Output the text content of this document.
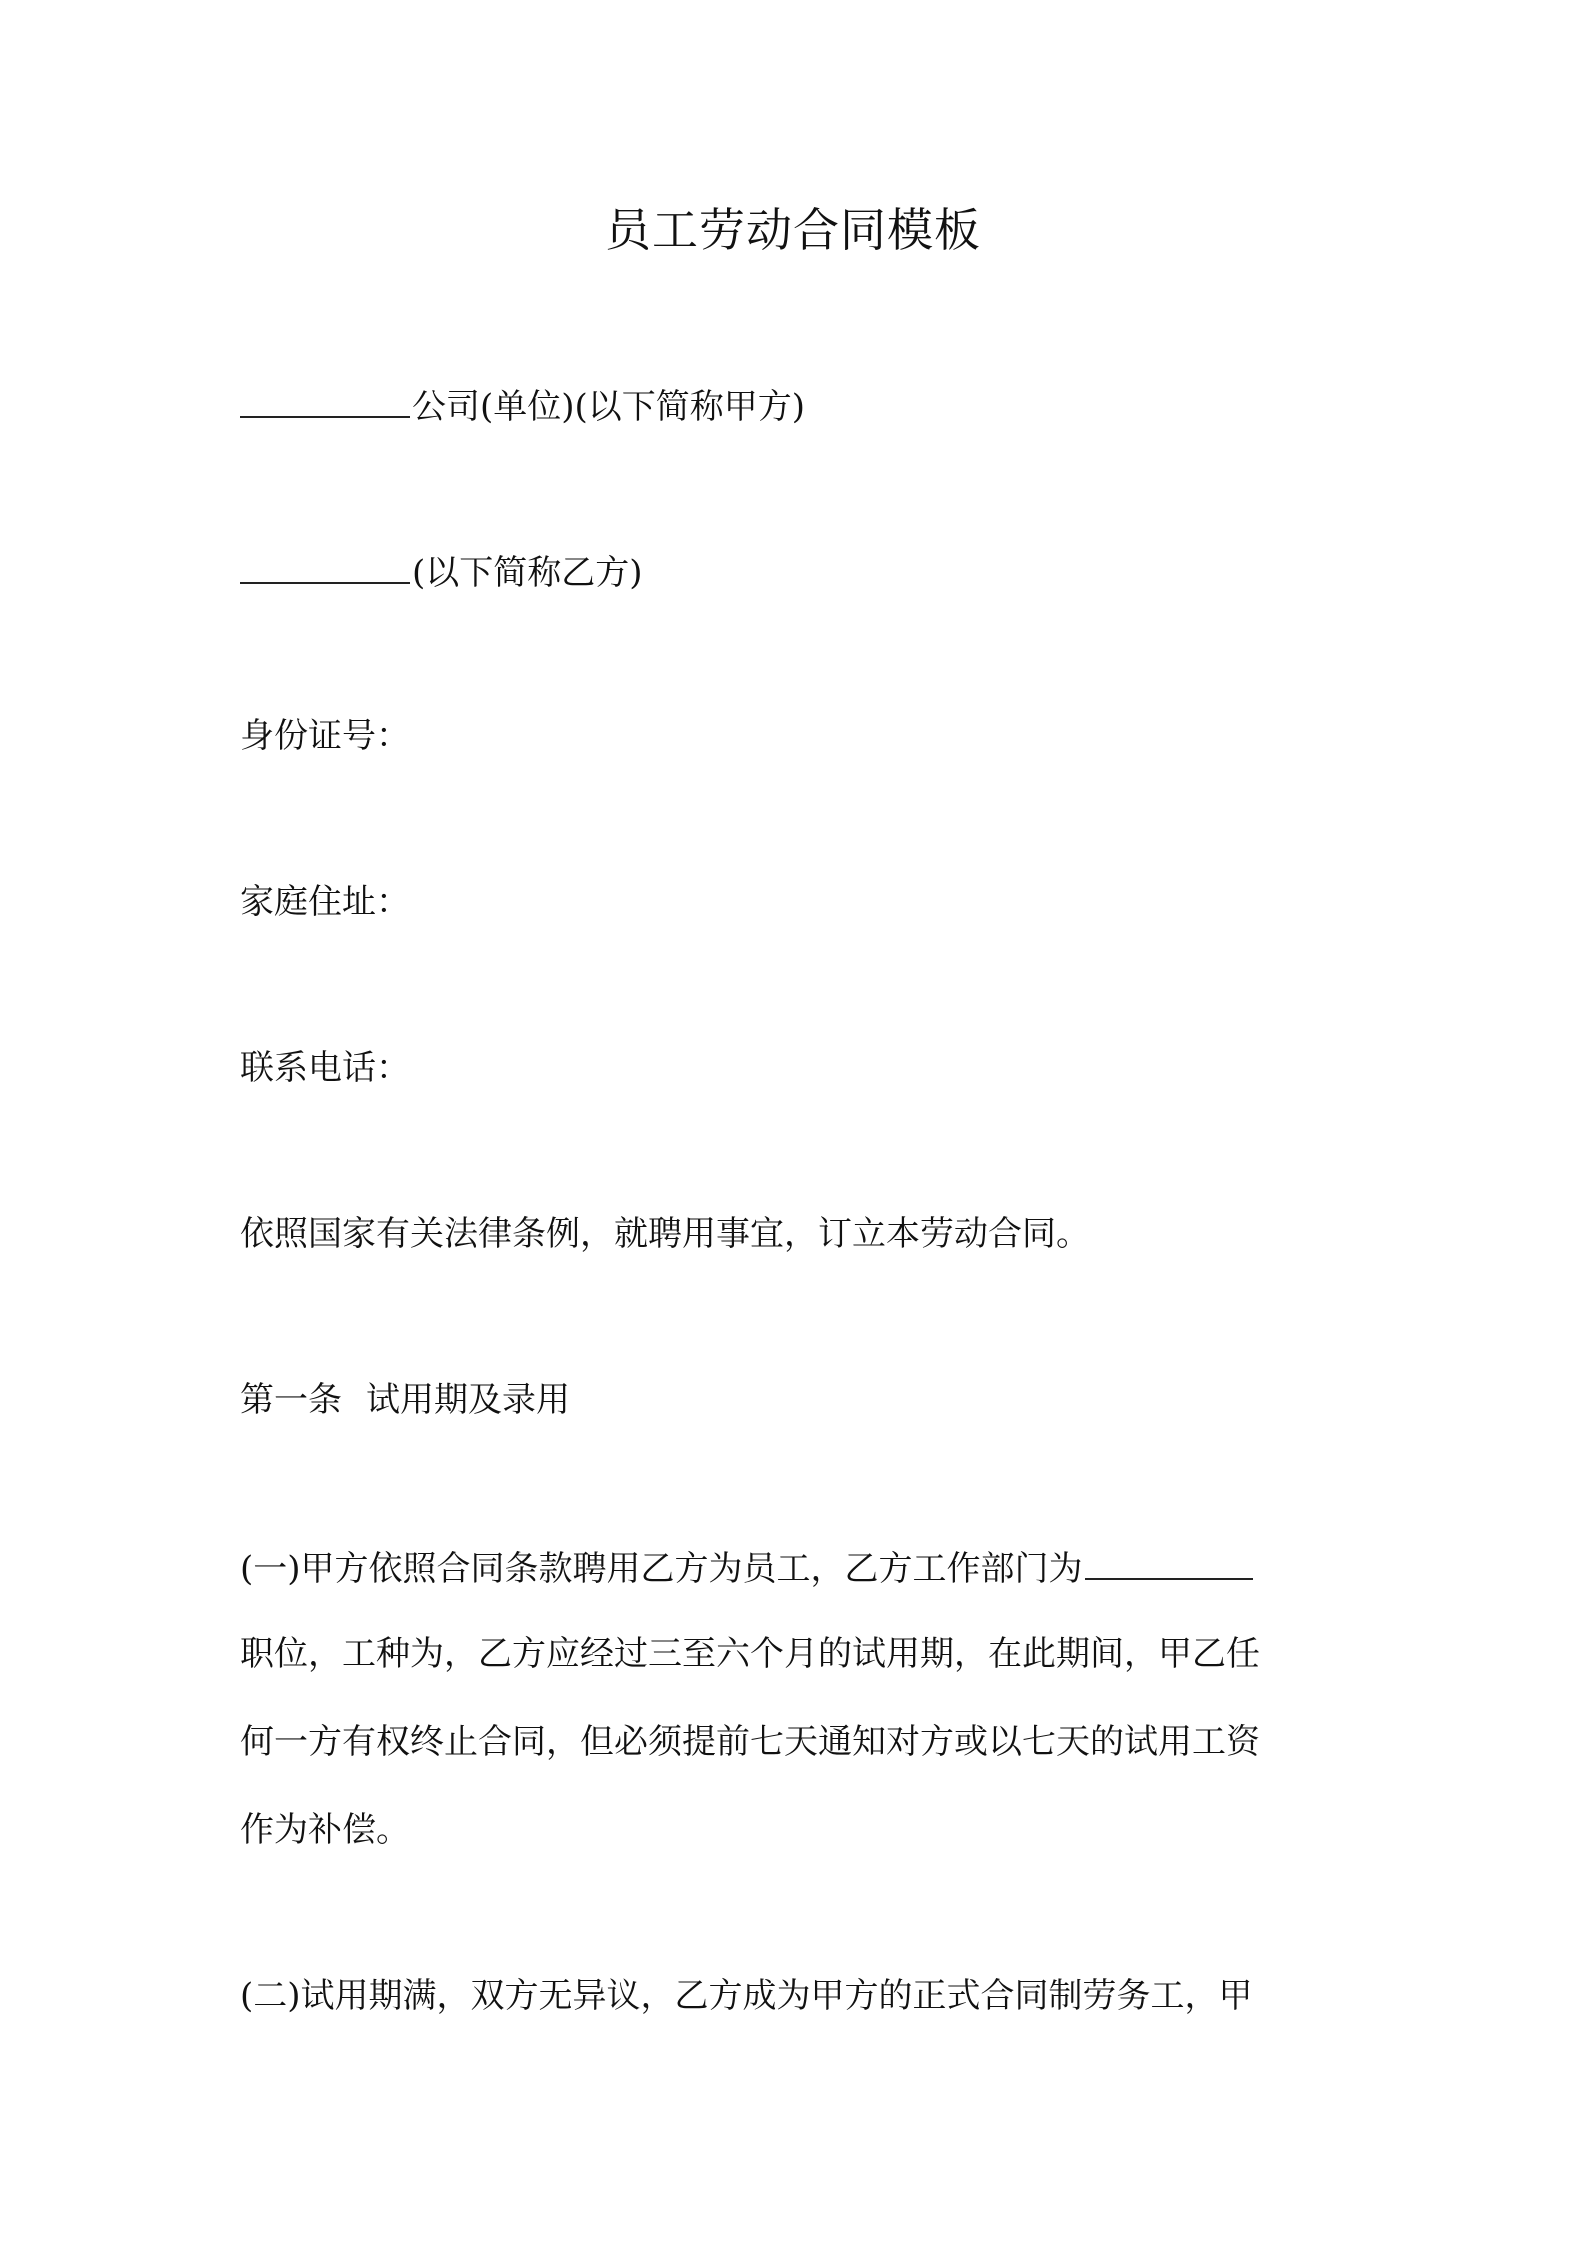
员工劳动合同模板
公司(单位)(以下简称甲方)
(以下简称乙方)
身份证号：
家庭住址：
联系电话：
依照国家有关法律条例，就聘用事宜，订立本劳动合同。
第一条 试用期及录用
(一)甲方依照合同条款聘用乙方为员工，乙方工作部门为
职位，工种为，乙方应经过三至六个月的试用期，在此期间，甲乙任
何一方有权终止合同，但必须提前七天通知对方或以七天的试用工资
作为补偿。
(二)试用期满，双方无异议，乙方成为甲方的正式合同制劳务工，甲
